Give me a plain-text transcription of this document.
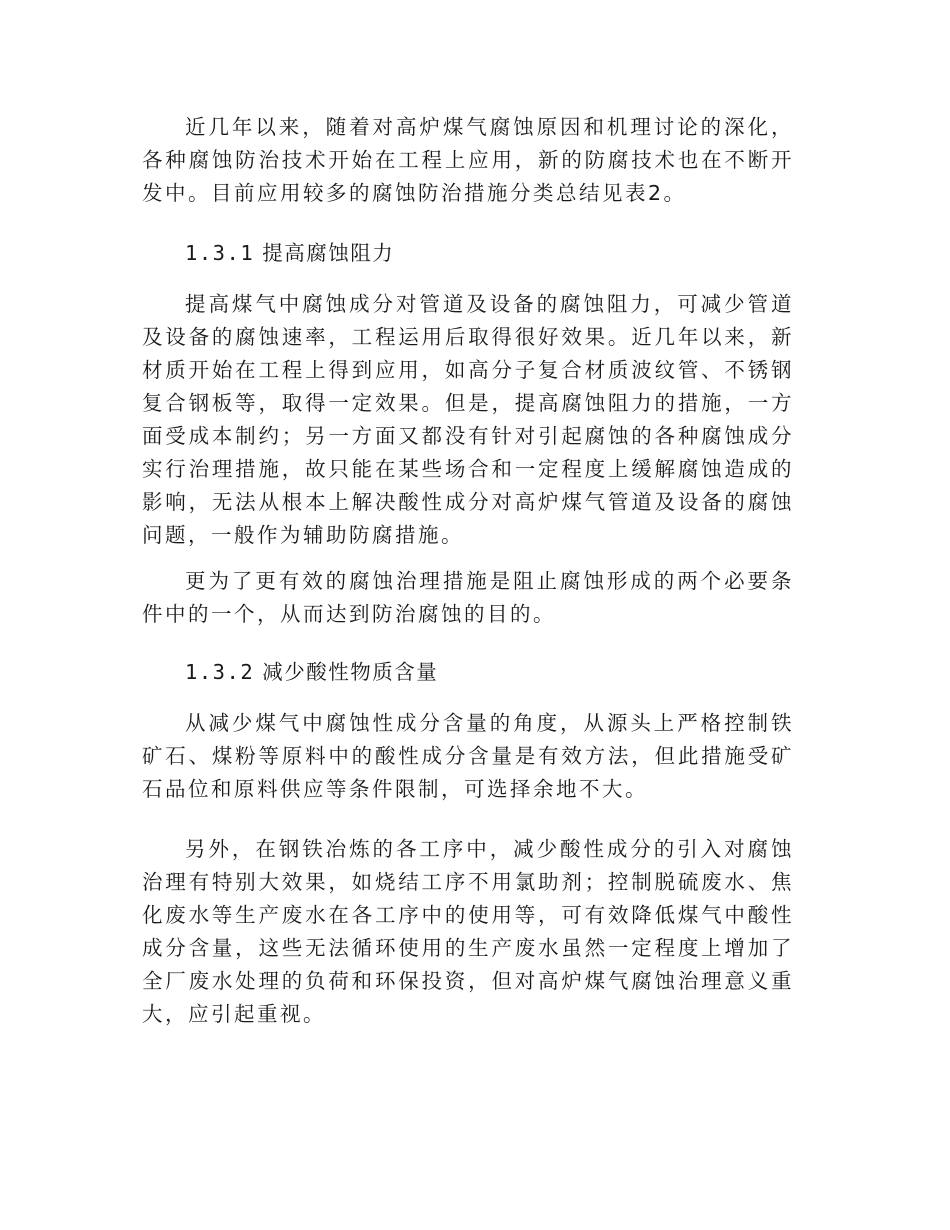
近几年以来，随着对高炉煤气腐蚀原因和机理讨论的深化，各种腐蚀防治技术开始在工程上应用，新的防腐技术也在不断开发中。目前应用较多的腐蚀防治措施分类总结见表2。

1.3.1 提高腐蚀阻力

提高煤气中腐蚀成分对管道及设备的腐蚀阻力，可减少管道及设备的腐蚀速率，工程运用后取得很好效果。近几年以来，新材质开始在工程上得到应用，如高分子复合材质波纹管、不锈钢复合钢板等，取得一定效果。但是，提高腐蚀阻力的措施，一方面受成本制约；另一方面又都没有针对引起腐蚀的各种腐蚀成分实行治理措施，故只能在某些场合和一定程度上缓解腐蚀造成的影响，无法从根本上解决酸性成分对高炉煤气管道及设备的腐蚀问题，一般作为辅助防腐措施。

更为了更有效的腐蚀治理措施是阻止腐蚀形成的两个必要条件中的一个，从而达到防治腐蚀的目的。

1.3.2 减少酸性物质含量

从减少煤气中腐蚀性成分含量的角度，从源头上严格控制铁矿石、煤粉等原料中的酸性成分含量是有效方法，但此措施受矿石品位和原料供应等条件限制，可选择余地不大。

另外，在钢铁冶炼的各工序中，减少酸性成分的引入对腐蚀治理有特别大效果，如烧结工序不用氯助剂；控制脱硫废水、焦化废水等生产废水在各工序中的使用等，可有效降低煤气中酸性成分含量，这些无法循环使用的生产废水虽然一定程度上增加了全厂废水处理的负荷和环保投资，但对高炉煤气腐蚀治理意义重大，应引起重视。
